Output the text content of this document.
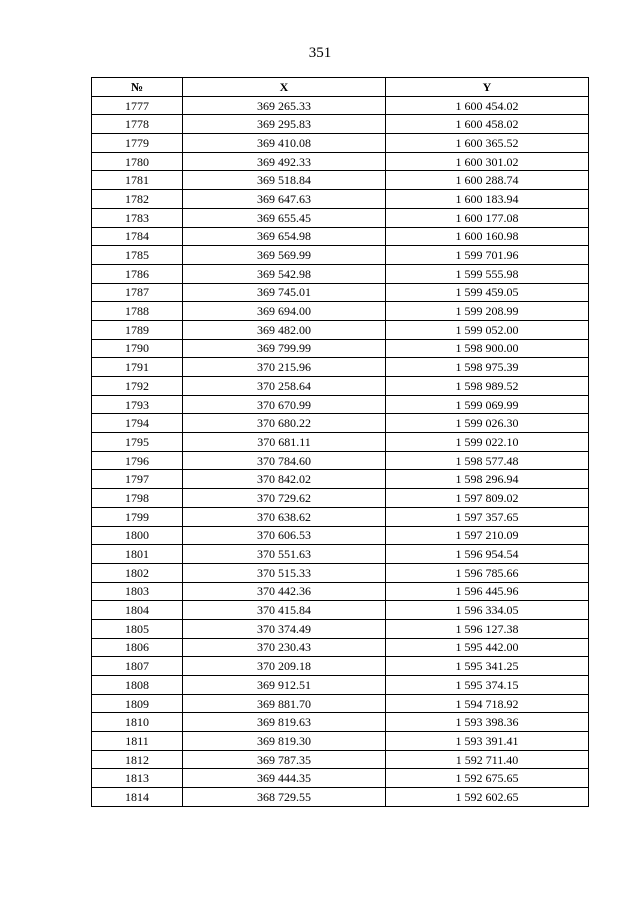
351
№	X	Y
1777	369 265.33	1 600 454.02
1778	369 295.83	1 600 458.02
1779	369 410.08	1 600 365.52
1780	369 492.33	1 600 301.02
1781	369 518.84	1 600 288.74
1782	369 647.63	1 600 183.94
1783	369 655.45	1 600 177.08
1784	369 654.98	1 600 160.98
1785	369 569.99	1 599 701.96
1786	369 542.98	1 599 555.98
1787	369 745.01	1 599 459.05
1788	369 694.00	1 599 208.99
1789	369 482.00	1 599 052.00
1790	369 799.99	1 598 900.00
1791	370 215.96	1 598 975.39
1792	370 258.64	1 598 989.52
1793	370 670.99	1 599 069.99
1794	370 680.22	1 599 026.30
1795	370 681.11	1 599 022.10
1796	370 784.60	1 598 577.48
1797	370 842.02	1 598 296.94
1798	370 729.62	1 597 809.02
1799	370 638.62	1 597 357.65
1800	370 606.53	1 597 210.09
1801	370 551.63	1 596 954.54
1802	370 515.33	1 596 785.66
1803	370 442.36	1 596 445.96
1804	370 415.84	1 596 334.05
1805	370 374.49	1 596 127.38
1806	370 230.43	1 595 442.00
1807	370 209.18	1 595 341.25
1808	369 912.51	1 595 374.15
1809	369 881.70	1 594 718.92
1810	369 819.63	1 593 398.36
1811	369 819.30	1 593 391.41
1812	369 787.35	1 592 711.40
1813	369 444.35	1 592 675.65
1814	368 729.55	1 592 602.65
